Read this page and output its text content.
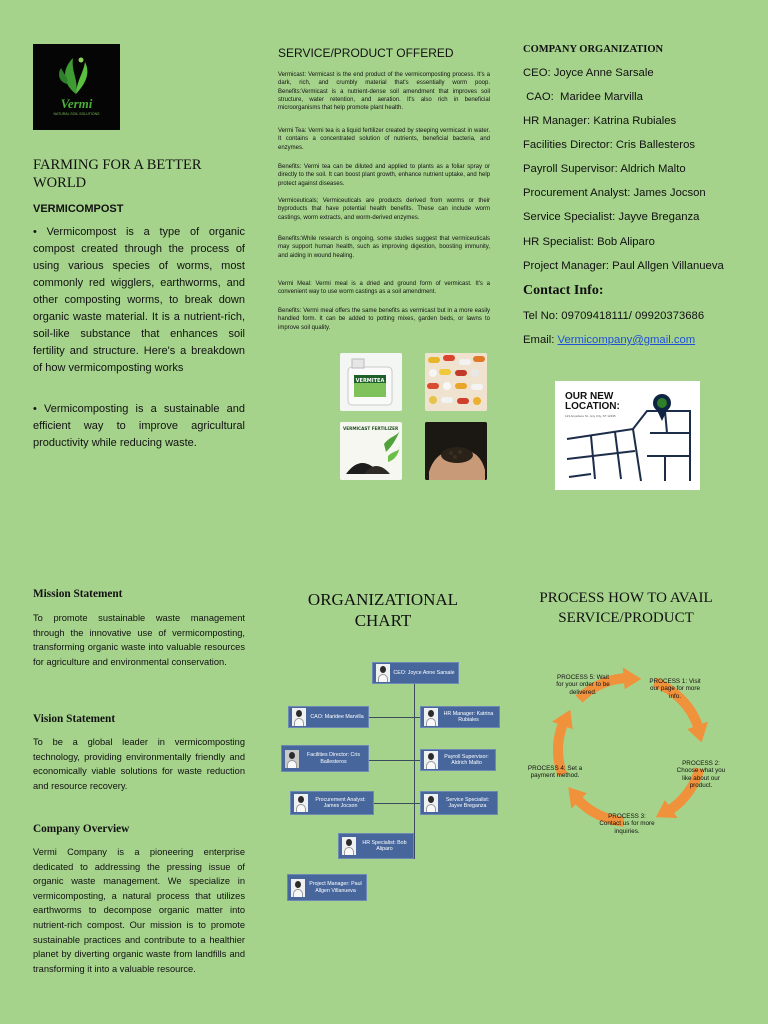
Vermi
NATURAL SOIL SOLUTIONS
FARMING FOR A BETTER WORLD
VERMICOMPOST
• Vermicompost is a type of organic compost created through the process of using various species of worms, most commonly red wigglers, earthworms, and other composting worms, to break down organic waste material. It is a nutrient-rich, soil-like substance that enhances soil fertility and structure. Here's a breakdown of how vermicomposting works
• Vermicomposting is a sustainable and efficient way to improve agricultural productivity while reducing waste.
SERVICE/PRODUCT OFFERED
Vermicast: Vermicast is the end product of the vermicomposting process. It's a dark, rich, and crumbly material that's essentially worm poop. Benefits:Vermicast is a nutrient-dense soil amendment that improves soil structure, water retention, and aeration. It's also rich in beneficial microorganisms that help promote plant health.
Vermi Tea: Vermi tea is a liquid fertilizer created by steeping vermicast in water. It contains a concentrated solution of nutrients, beneficial bacteria, and enzymes.
Benefits: Vermi tea can be diluted and applied to plants as a foliar spray or directly to the soil. It can boost plant growth, enhance nutrient uptake, and help protect against diseases.
Vermiceuticals; Vermiceuticals are products derived from worms or their byproducts that have potential health benefits. These can include worm castings, worm extracts, and worm-derived enzymes.
Benefits:While research is ongoing, some studies suggest that vermiceuticals may support human health, such as improving digestion, boosting immunity, and aiding in wound healing.
Vermi Meal: Vermi meal is a dried and ground form of vermicast. It's a convenient way to use worm castings as a soil amendment.
Benefits: Vermi meal offers the same benefits as vermicast but in a more easily handled form. It can be added to potting mixes, garden beds, or lawns to improve soil quality.
VERMITEA
VERMICAST FERTILIZER
COMPANY ORGANIZATION
CEO: Joyce Anne Sarsale
CAO:  Maridee Marvilla
HR Manager: Katrina Rubiales
Facilities Director: Cris Ballesteros
Payroll Supervisor: Aldrich Malto
Procurement Analyst: James Jocson
Service Specialist: Jayve Breganza
HR Specialist: Bob Aliparo
Project Manager: Paul Allgen Villanueva
Contact Info:
Tel No: 09709418111/ 09920373686
Email: Vermicompany@gmail.com
OUR NEW LOCATION:
123 Anywhere St., Any City, ST 12345
Mission Statement
To promote sustainable waste management through the innovative use of vermicomposting, transforming organic waste into valuable resources for agriculture and environmental conservation.
Vision Statement
To be a global leader in vermicomposting technology, providing environmentally friendly and economically viable solutions for waste reduction and resource recovery.
Company Overview
Vermi Company is a pioneering enterprise dedicated to addressing the pressing issue of organic waste management. We specialize in vermicomposting, a natural process that utilizes earthworms to decompose organic matter into nutrient-rich compost. Our mission is to promote sustainable practices and contribute to a healthier planet by diverting organic waste from landfills and transforming it into a valuable resource.
ORGANIZATIONAL CHART
CEO: Joyce Anne Sarsale
CAO: Maridee Marvilla
HR Manager: Katrina Rubiales
Facilities Director: Cris Ballesteros
Payroll Supervisor: Aldrich Malto
Procurement Analyst: James Jocson
Service Specialist: Jayve Breganza
HR Specialist: Bob Aliparo
Project Manager: Paul Allgen Villanueva
PROCESS HOW TO AVAIL SERVICE/PRODUCT
PROCESS 5: Wait for your order to be delivered.
PROCESS 1: Visit our page for more info.
PROCESS 2: Choose what you like about our product.
PROCESS 3: Contact us for more inquiries.
PROCESS 4: Set a payment method.
